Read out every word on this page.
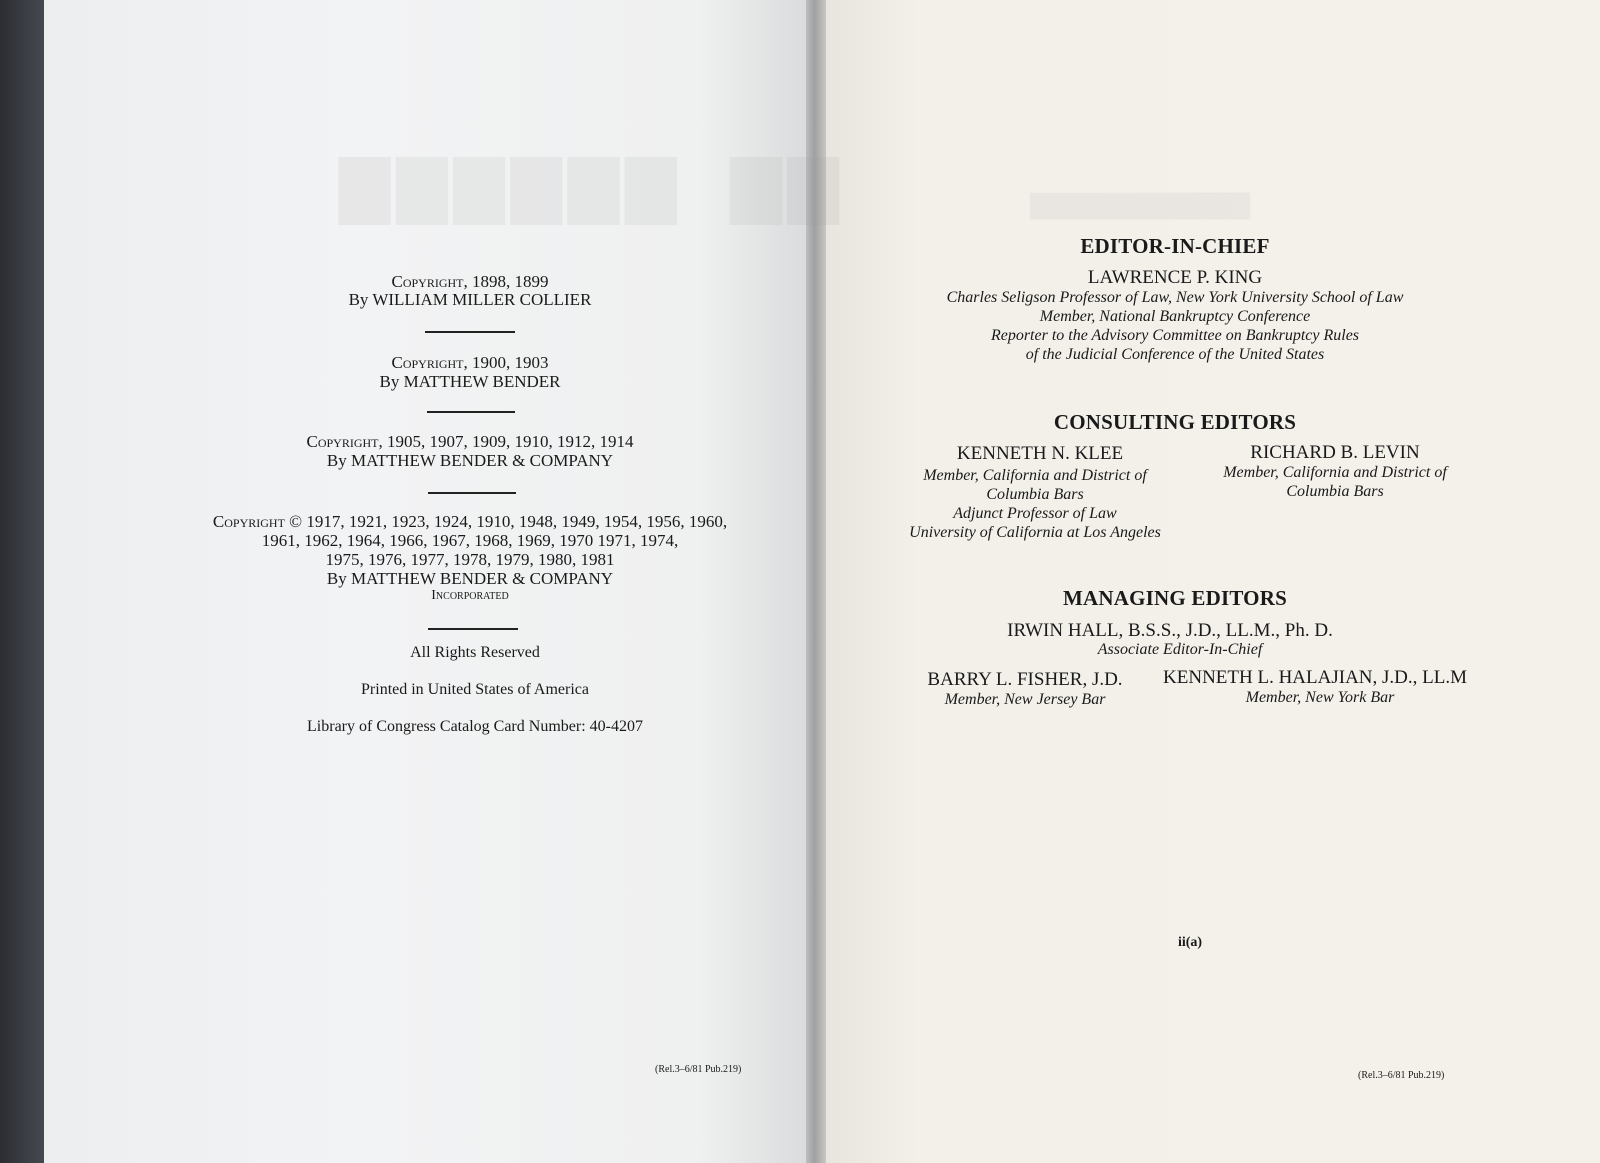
▇▇▇▇▇▇  ▇▇	▇▇▇▇▇▇▇▇▇▇▇
Copyright, 1898, 1899
By WILLIAM MILLER COLLIER
Copyright, 1900, 1903
By MATTHEW BENDER
Copyright, 1905, 1907, 1909, 1910, 1912, 1914
By MATTHEW BENDER & COMPANY
Copyright © 1917, 1921, 1923, 1924, 1910, 1948, 1949, 1954, 1956, 1960,
1961, 1962, 1964, 1966, 1967, 1968, 1969, 1970 1971, 1974,
1975, 1976, 1977, 1978, 1979, 1980, 1981
By MATTHEW BENDER & COMPANY
Incorporated
All Rights Reserved
Printed in United States of America
Library of Congress Catalog Card Number: 40-4207
(Rel.3–6/81 Pub.219)
EDITOR-IN-CHIEF
LAWRENCE P. KING
Charles Seligson Professor of Law, New York University School of Law
Member, National Bankruptcy Conference
Reporter to the Advisory Committee on Bankruptcy Rules
of the Judicial Conference of the United States
CONSULTING EDITORS
KENNETH N. KLEE
Member, California and District of
Columbia Bars
Adjunct Professor of Law
University of California at Los Angeles
RICHARD B. LEVIN
Member, California and District of
Columbia Bars
MANAGING EDITORS
IRWIN HALL, B.S.S., J.D., LL.M., Ph. D.
Associate Editor-In-Chief
BARRY L. FISHER, J.D.
Member, New Jersey Bar
KENNETH L. HALAJIAN, J.D., LL.M
Member, New York Bar
ii(a)
(Rel.3–6/81 Pub.219)
